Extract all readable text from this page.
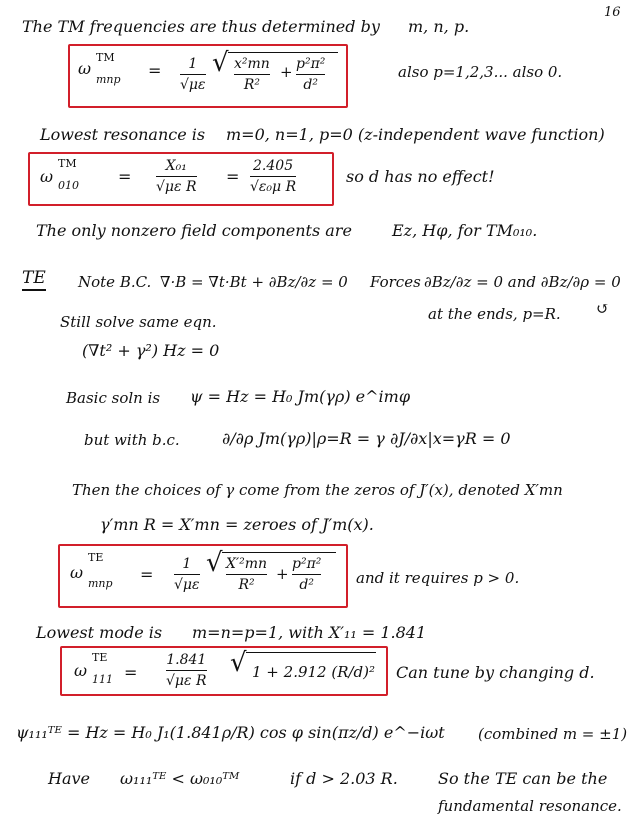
16
The TM frequencies are thus determined by m, n, p.
ω
TM
mnp = 1
√με
√ x²mn
R²
+ p²π²
d²
also p=1,2,3... also 0.
Lowest resonance is m=0, n=1, p=0 (z-independent wave function)
ω
TM
010 =
X₀₁
√με R
=
2.405
√ε₀μ R
so d has no effect!
The only nonzero field components are	Ez, Hφ, for TM₀₁₀.
TE Note B.C. ∇·B = ∇t·Bt + ∂Bz/∂z = 0 Forces ∂Bz/∂z = 0 and ∂Bz/∂ρ = 0
at the ends, p=R. ↺
Still solve same eqn.
(∇t² + γ²) Hz = 0
Basic soln is ψ = Hz = H₀ Jm(γρ) e^imφ
but with b.c.	∂/∂ρ Jm(γρ)|ρ=R = γ ∂J/∂x|x=γR = 0
Then the choices of γ come from the zeros of J′(x), denoted X′mn
γ′mn R = X′mn = zeroes of J′m(x).
ω
TE
mnp =
1
√με
√ X′²mn
R²
+
p²π²
d²	and it requires p > 0.
Lowest mode is m=n=p=1, with X′₁₁ = 1.841
ω
TE
111 =
1.841
√με R
√ 1 + 2.912 (R/d)² Can tune by changing d.
ψ₁₁₁ᵀᴱ = Hz = H₀ J₁(1.841ρ/R) cos φ sin(πz/d) e^−iωt (combined m = ±1)
Have ω₁₁₁ᵀᴱ < ω₀₁₀ᵀᴹ	if d > 2.03 R.	So the TE can be the
fundamental resonance.
